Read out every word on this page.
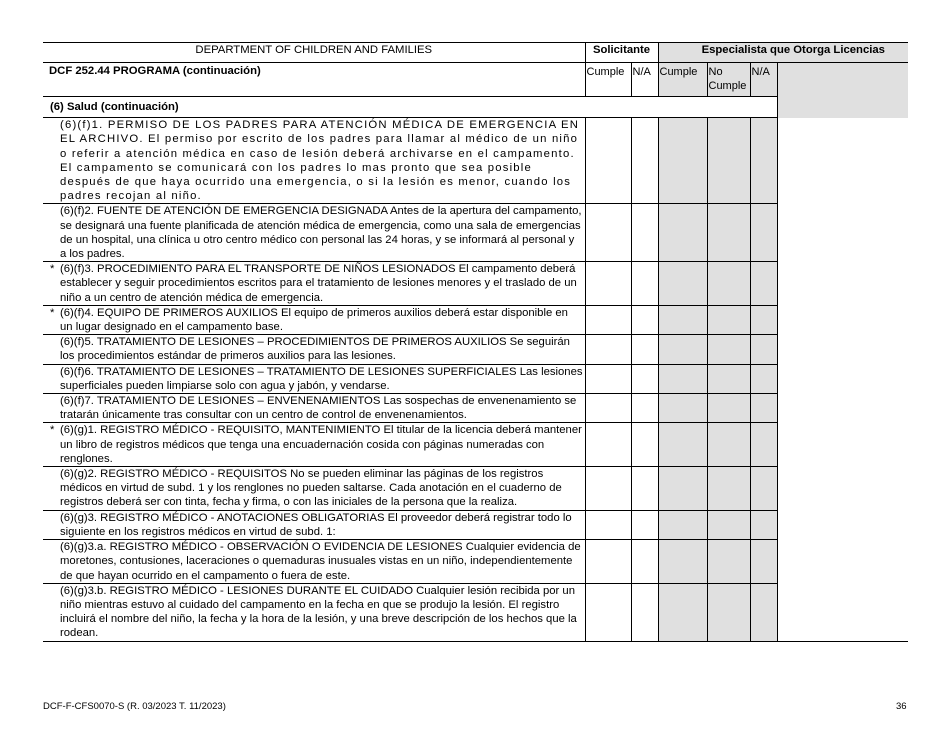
DEPARTMENT OF CHILDREN AND FAMILIES	Solicitante		Especialista que Otorga Licencias			
DCF 252.44 PROGRAMA (continuación)	Cumple	N/A	Cumple	No Cumple	N/A	
(6) Salud (continuación)						

(6)(f)1. PERMISO DE LOS PADRES PARA ATENCIÓN MÉDICA DE EMERGENCIA EN EL ARCHIVO. El permiso por escrito de los padres para llamar al médico de un niño o referir a atención médica en caso de lesión deberá archivarse en el campamento. El campamento se comunicará con los padres lo mas pronto que sea posible después de que haya ocurrido una emergencia, o si la lesión es menor, cuando los padres recojan al niño.						

(6)(f)2. FUENTE DE ATENCIÓN DE EMERGENCIA DESIGNADA Antes de la apertura del campamento, se designará una fuente planificada de atención médica de emergencia, como una sala de emergencias de un hospital, una clínica u otro centro médico con personal las 24 horas, y se informará al personal y a los padres.						

* (6)(f)3. PROCEDIMIENTO PARA EL TRANSPORTE DE NIÑOS LESIONADOS El campamento deberá establecer y seguir procedimientos escritos para el tratamiento de lesiones menores y el traslado de un niño a un centro de atención médica de emergencia.						

* (6)(f)4. EQUIPO DE PRIMEROS AUXILIOS El equipo de primeros auxilios deberá estar disponible en un lugar designado en el campamento base.						

(6)(f)5. TRATAMIENTO DE LESIONES – PROCEDIMIENTOS DE PRIMEROS AUXILIOS Se seguirán los procedimientos estándar de primeros auxilios para las lesiones.						

(6)(f)6. TRATAMIENTO DE LESIONES – TRATAMIENTO DE LESIONES SUPERFICIALES Las lesiones superficiales pueden limpiarse solo con agua y jabón, y vendarse.						

(6)(f)7. TRATAMIENTO DE LESIONES – ENVENENAMIENTOS Las sospechas de envenenamiento se tratarán únicamente tras consultar con un centro de control de envenenamientos.						

* (6)(g)1. REGISTRO MÉDICO - REQUISITO, MANTENIMIENTO El titular de la licencia deberá mantener un libro de registros médicos que tenga una encuadernación cosida con páginas numeradas con renglones.						

(6)(g)2. REGISTRO MÉDICO - REQUISITOS No se pueden eliminar las páginas de los registros médicos en virtud de subd. 1 y los renglones no pueden saltarse. Cada anotación en el cuaderno de registros deberá ser con tinta, fecha y firma, o con las iniciales de la persona que la realiza.						

(6)(g)3. REGISTRO MÉDICO - ANOTACIONES OBLIGATORIAS El proveedor deberá registrar todo lo siguiente en los registros médicos en virtud de subd. 1:						

(6)(g)3.a. REGISTRO MÉDICO - OBSERVACIÓN O EVIDENCIA DE LESIONES Cualquier evidencia de moretones, contusiones, laceraciones o quemaduras inusuales vistas en un niño, independientemente de que hayan ocurrido en el campamento o fuera de este.						

(6)(g)3.b. REGISTRO MÉDICO - LESIONES DURANTE EL CUIDADO Cualquier lesión recibida por un niño mientras estuvo al cuidado del campamento en la fecha en que se produjo la lesión. El registro incluirá el nombre del niño, la fecha y la hora de la lesión, y una breve descripción de los hechos que la rodean.						
DCF-F-CFS0070-S (R. 03/2023 T. 11/2023)	36
